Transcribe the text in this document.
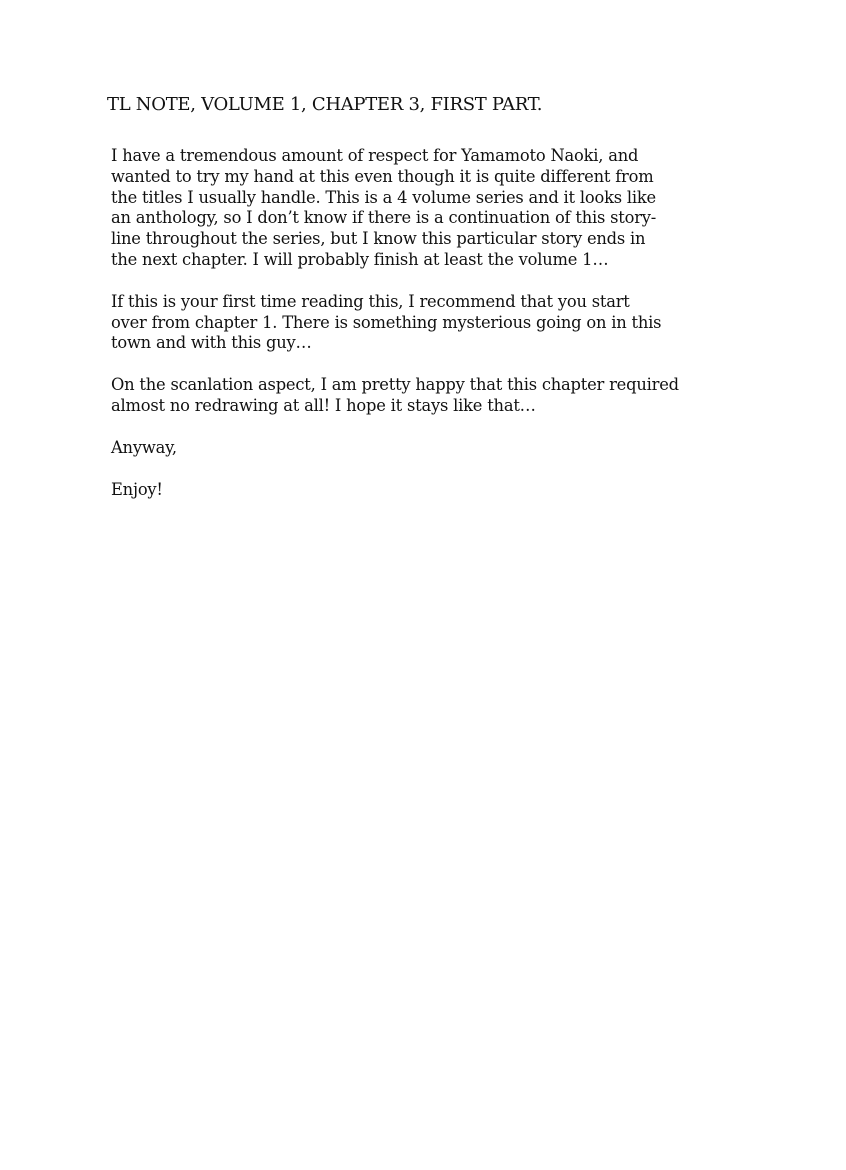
TL NOTE, VOLUME 1, CHAPTER 3, FIRST PART.
I have a tremendous amount of respect for Yamamoto Naoki, and
wanted to try my hand at this even though it is quite different from
the titles I usually handle. This is a 4 volume series and it looks like
an anthology, so I don’t know if there is a continuation of this story-
line throughout the series, but I know this particular story ends in
the next chapter. I will probably finish at least the volume 1…
If this is your first time reading this, I recommend that you start
over from chapter 1. There is something mysterious going on in this
town and with this guy…
On the scanlation aspect, I am pretty happy that this chapter required
almost no redrawing at all! I hope it stays like that…
Anyway,
Enjoy!
